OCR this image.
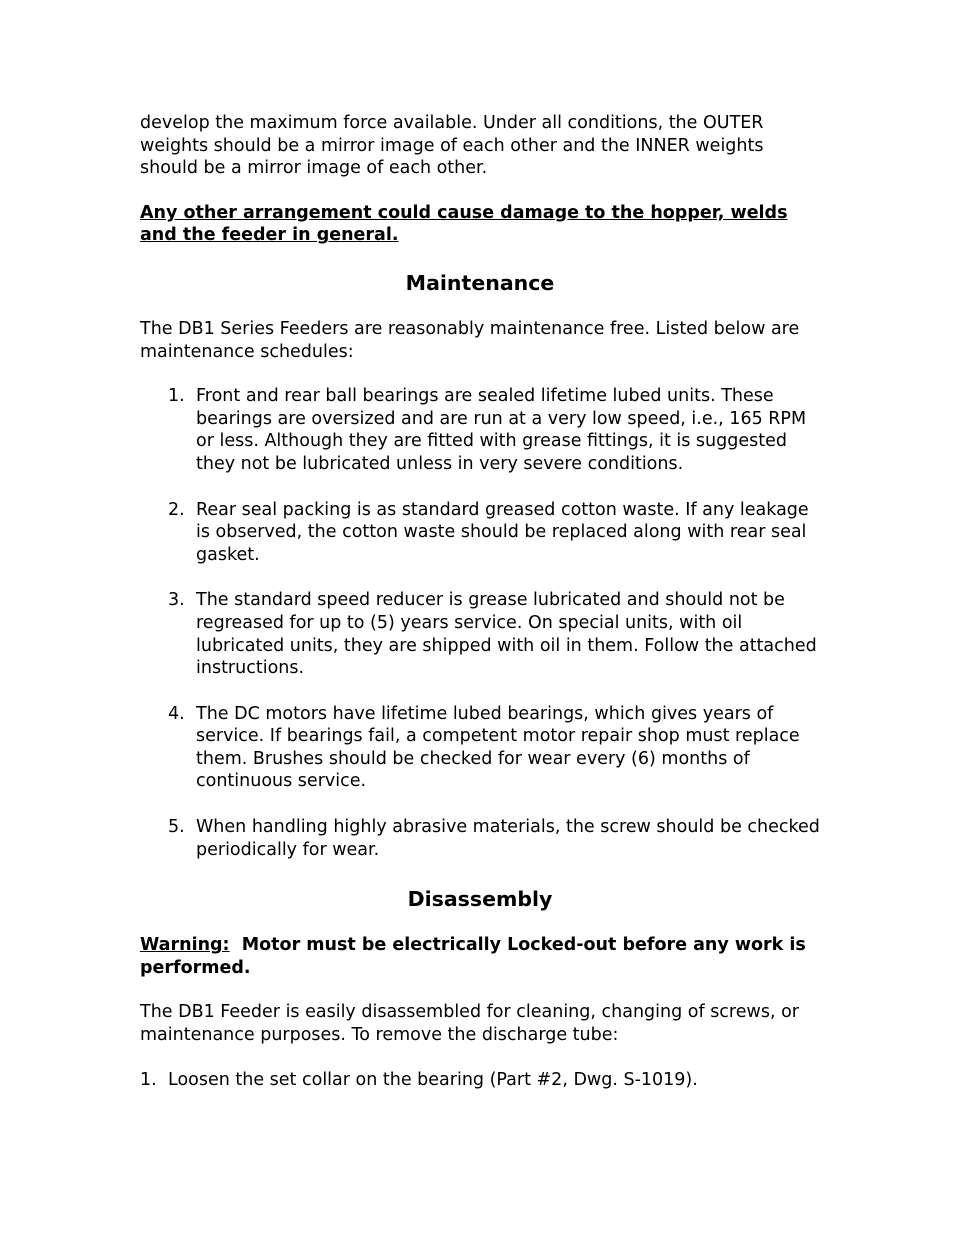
develop the maximum force available. Under all conditions, the OUTER weights should be a mirror image of each other and the INNER weights should be a mirror image of each other.

Any other arrangement could cause damage to the hopper, welds and the feeder in general.

Maintenance

The DB1 Series Feeders are reasonably maintenance free. Listed below are maintenance schedules:

1. Front and rear ball bearings are sealed lifetime lubed units. These bearings are oversized and are run at a very low speed, i.e., 165 RPM or less. Although they are fitted with grease fittings, it is suggested they not be lubricated unless in very severe conditions.
2. Rear seal packing is as standard greased cotton waste. If any leakage is observed, the cotton waste should be replaced along with rear seal gasket.
3. The standard speed reducer is grease lubricated and should not be regreased for up to (5) years service. On special units, with oil lubricated units, they are shipped with oil in them. Follow the attached instructions.
4. The DC motors have lifetime lubed bearings, which gives years of service. If bearings fail, a competent motor repair shop must replace them. Brushes should be checked for wear every (6) months of continuous service.
5. When handling highly abrasive materials, the screw should be checked periodically for wear.
Disassembly

Warning: Motor must be electrically Locked-out before any work is performed.

The DB1 Feeder is easily disassembled for cleaning, changing of screws, or maintenance purposes. To remove the discharge tube:

1. Loosen the set collar on the bearing (Part #2, Dwg. S-1019).
